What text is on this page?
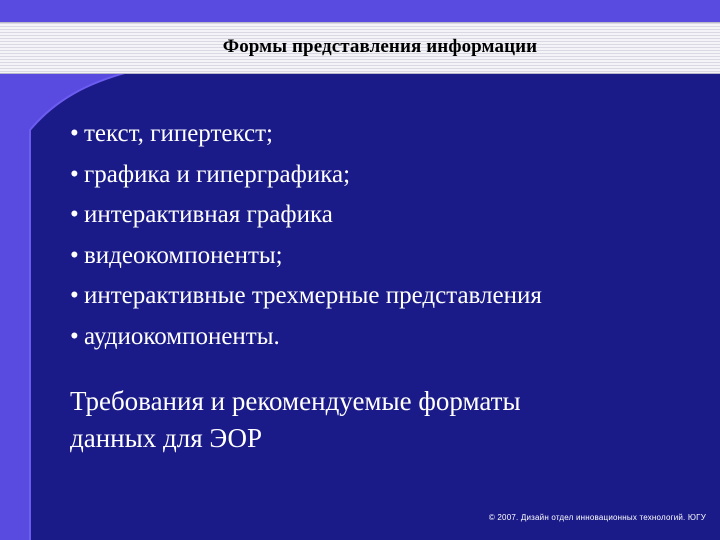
Формы представления информации
• текст, гипертекст;
• графика и гиперграфика;
• интерактивная графика
• видеокомпоненты;
• интерактивные трехмерные представления
• аудиокомпоненты.
Требования и рекомендуемые форматы
данных для ЭОР
© 2007. Дизайн отдел инновационных технологий. ЮГУ
